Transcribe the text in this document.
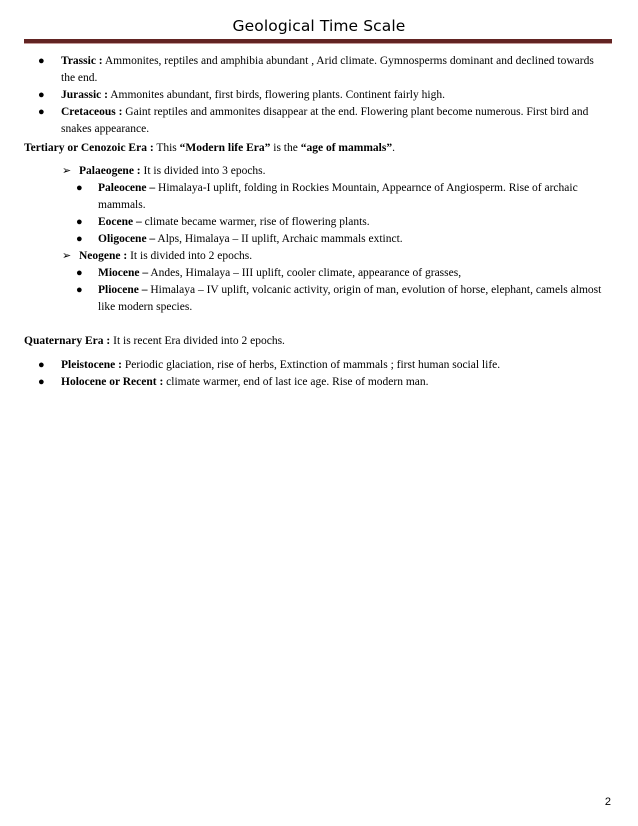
Geological Time Scale
● Trassic : Ammonites, reptiles and amphibia abundant , Arid climate. Gymnosperms dominant and declined towards the end.
● Jurassic : Ammonites abundant, first birds, flowering plants. Continent fairly high.
● Cretaceous : Gaint reptiles and ammonites disappear at the end. Flowering plant become numerous. First bird and snakes appearance.
Tertiary or Cenozoic Era : This “Modern life Era” is the “age of mammals”.
➢ Palaeogene : It is divided into 3 epochs.
● Paleocene – Himalaya-I uplift, folding in Rockies Mountain, Appearnce of Angiosperm. Rise of archaic mammals.
● Eocene – climate became warmer, rise of flowering plants.
● Oligocene – Alps, Himalaya – II uplift, Archaic mammals extinct.
➢ Neogene : It is divided into 2 epochs.
● Miocene – Andes, Himalaya – III uplift, cooler climate, appearance of grasses,
● Pliocene – Himalaya – IV uplift, volcanic activity, origin of man, evolution of horse, elephant, camels almost like modern species.
Quaternary Era : It is recent Era divided into 2 epochs.
● Pleistocene : Periodic glaciation, rise of herbs, Extinction of mammals ; first human social life.
● Holocene or Recent : climate warmer, end of last ice age. Rise of modern man.
2
